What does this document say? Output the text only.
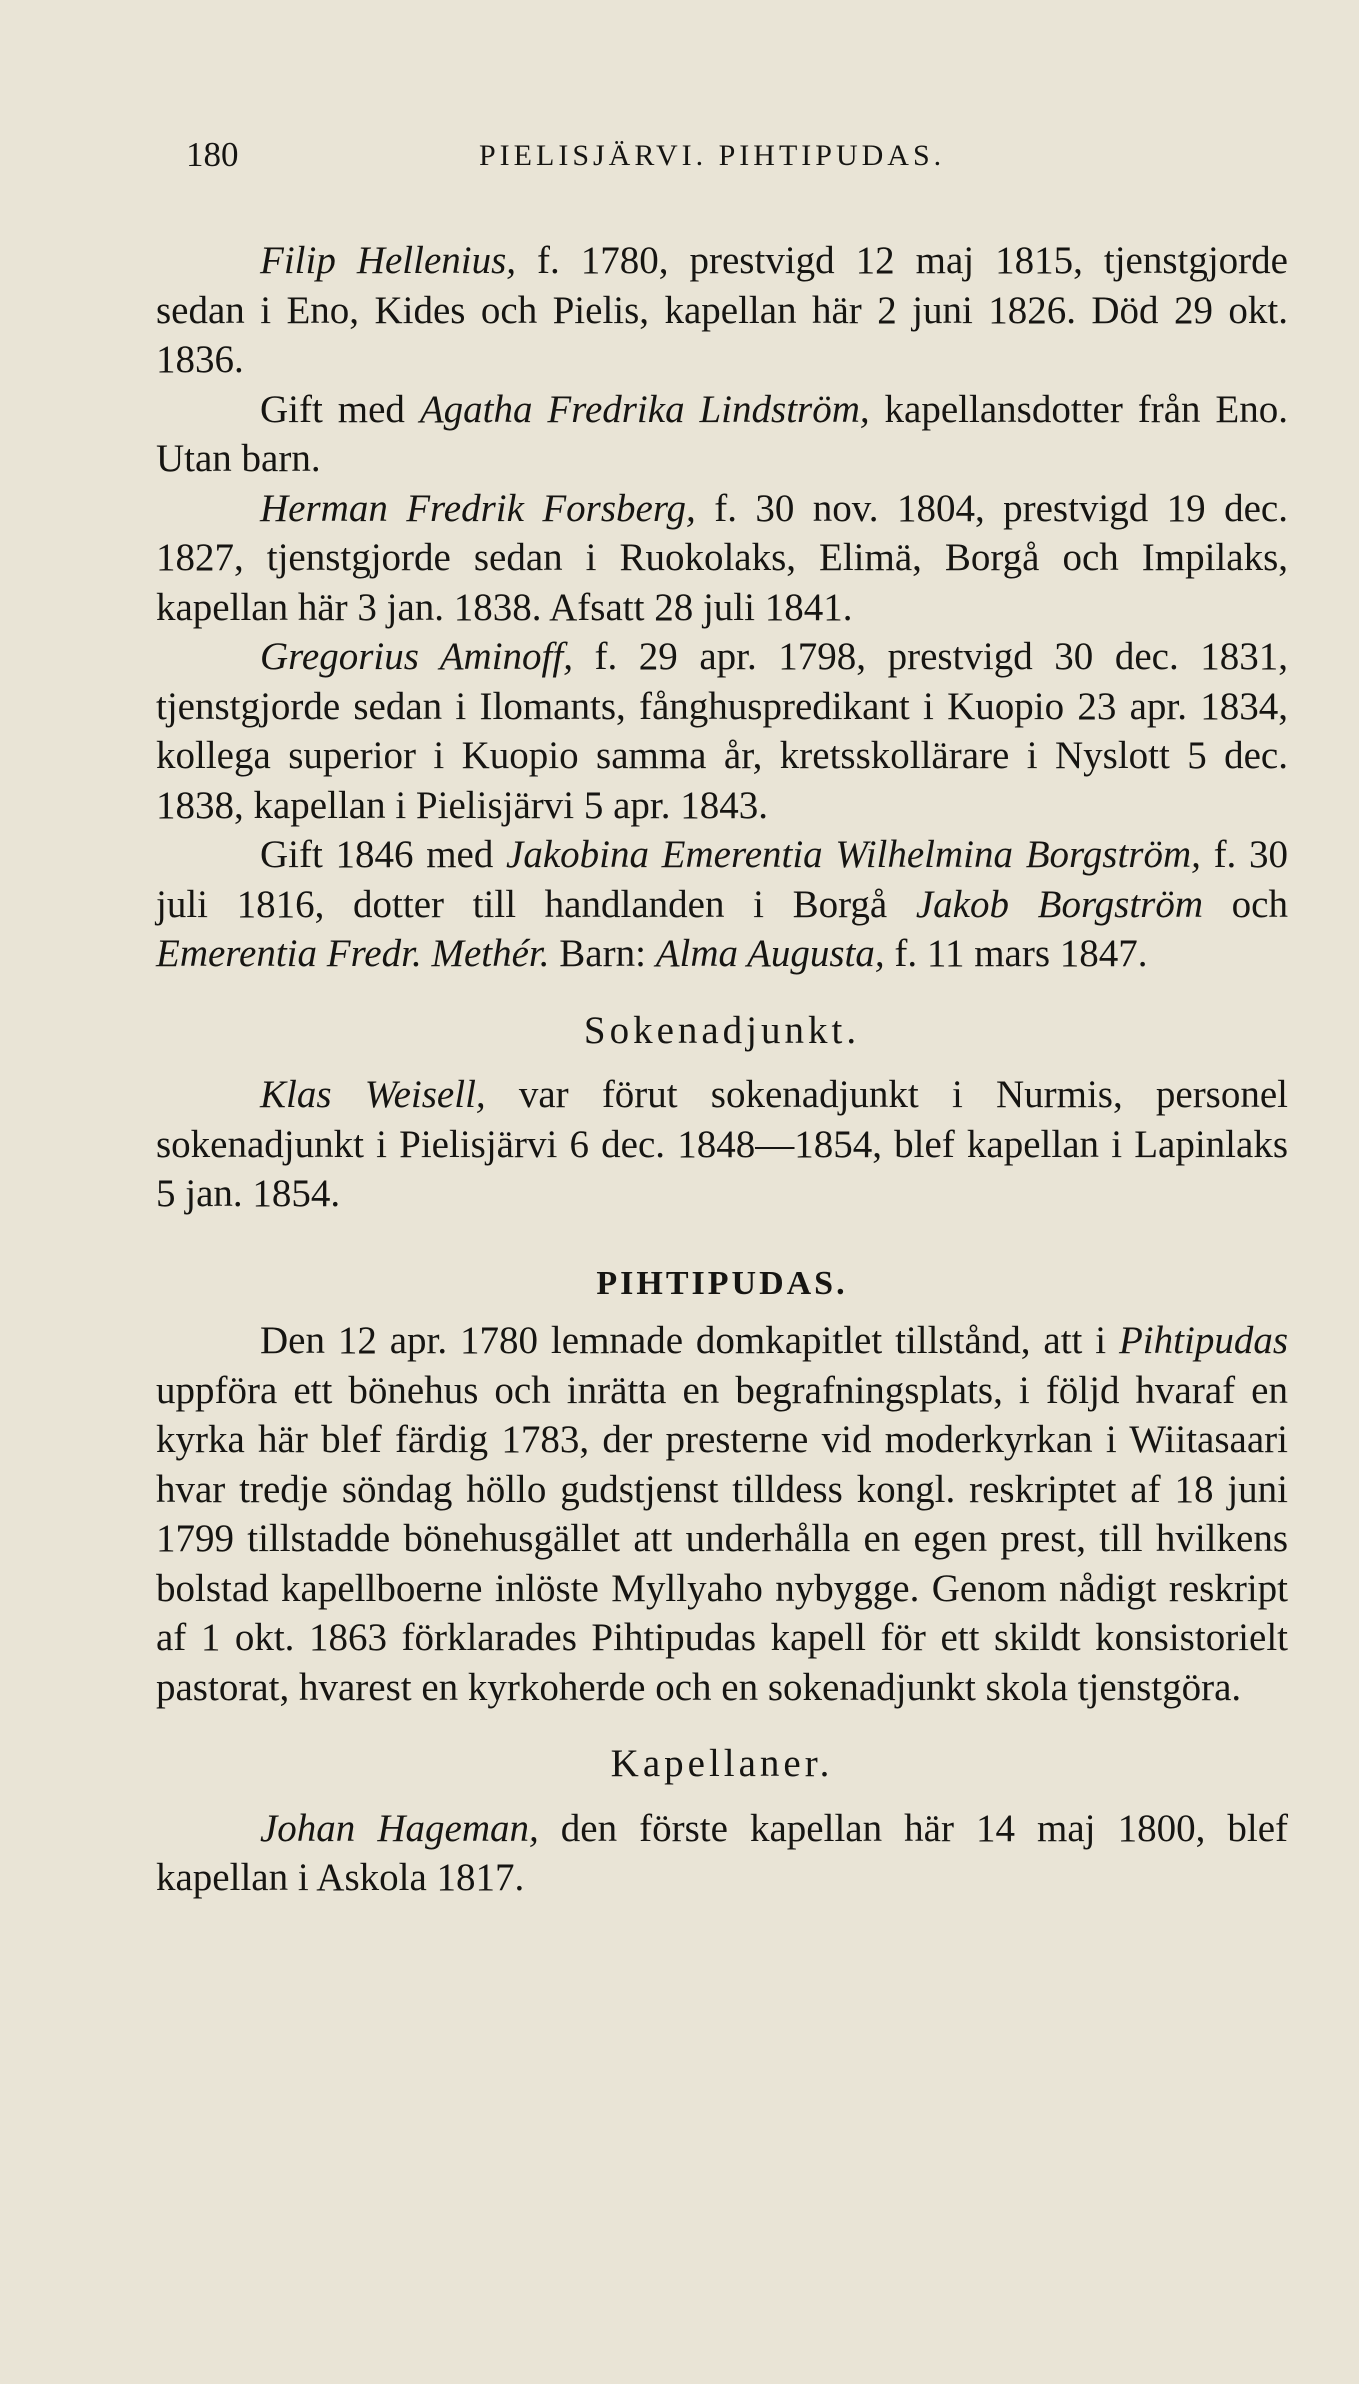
180	PIELISJÄRVI. PIHTIPUDAS.

Filip Hellenius, f. 1780, prestvigd 12 maj 1815, tjenstgjorde sedan i Eno, Kides och Pielis, kapellan här 2 juni 1826. Död 29 okt. 1836.

Gift med Agatha Fredrika Lindström, kapellansdotter från Eno. Utan barn.

Herman Fredrik Forsberg, f. 30 nov. 1804, prestvigd 19 dec. 1827, tjenstgjorde sedan i Ruokolaks, Elimä, Borgå och Impilaks, kapellan här 3 jan. 1838. Afsatt 28 juli 1841.

Gregorius Aminoff, f. 29 apr. 1798, prestvigd 30 dec. 1831, tjenstgjorde sedan i Ilomants, fånghuspredikant i Kuopio 23 apr. 1834, kollega superior i Kuopio samma år, kretsskollärare i Nyslott 5 dec. 1838, kapellan i Pielisjärvi 5 apr. 1843.

Gift 1846 med Jakobina Emerentia Wilhelmina Borgström, f. 30 juli 1816, dotter till handlanden i Borgå Jakob Borgström och Emerentia Fredr. Methér. Barn: Alma Augusta, f. 11 mars 1847.

Sokenadjunkt.

Klas Weisell, var förut sokenadjunkt i Nurmis, personel sokenadjunkt i Pielisjärvi 6 dec. 1848—1854, blef kapellan i Lapinlaks 5 jan. 1854.

PIHTIPUDAS.

Den 12 apr. 1780 lemnade domkapitlet tillstånd, att i Pihtipudas uppföra ett bönehus och inrätta en begrafningsplats, i följd hvaraf en kyrka här blef färdig 1783, der presterne vid moderkyrkan i Wiitasaari hvar tredje söndag höllo gudstjenst tilldess kongl. reskriptet af 18 juni 1799 tillstadde bönehusgället att underhålla en egen prest, till hvilkens bolstad kapellboerne inlöste Myllyaho nybygge. Genom nådigt reskript af 1 okt. 1863 förklarades Pihtipudas kapell för ett skildt konsistorielt pastorat, hvarest en kyrkoherde och en sokenadjunkt skola tjenstgöra.

Kapellaner.

Johan Hageman, den förste kapellan här 14 maj 1800, blef kapellan i Askola 1817.
